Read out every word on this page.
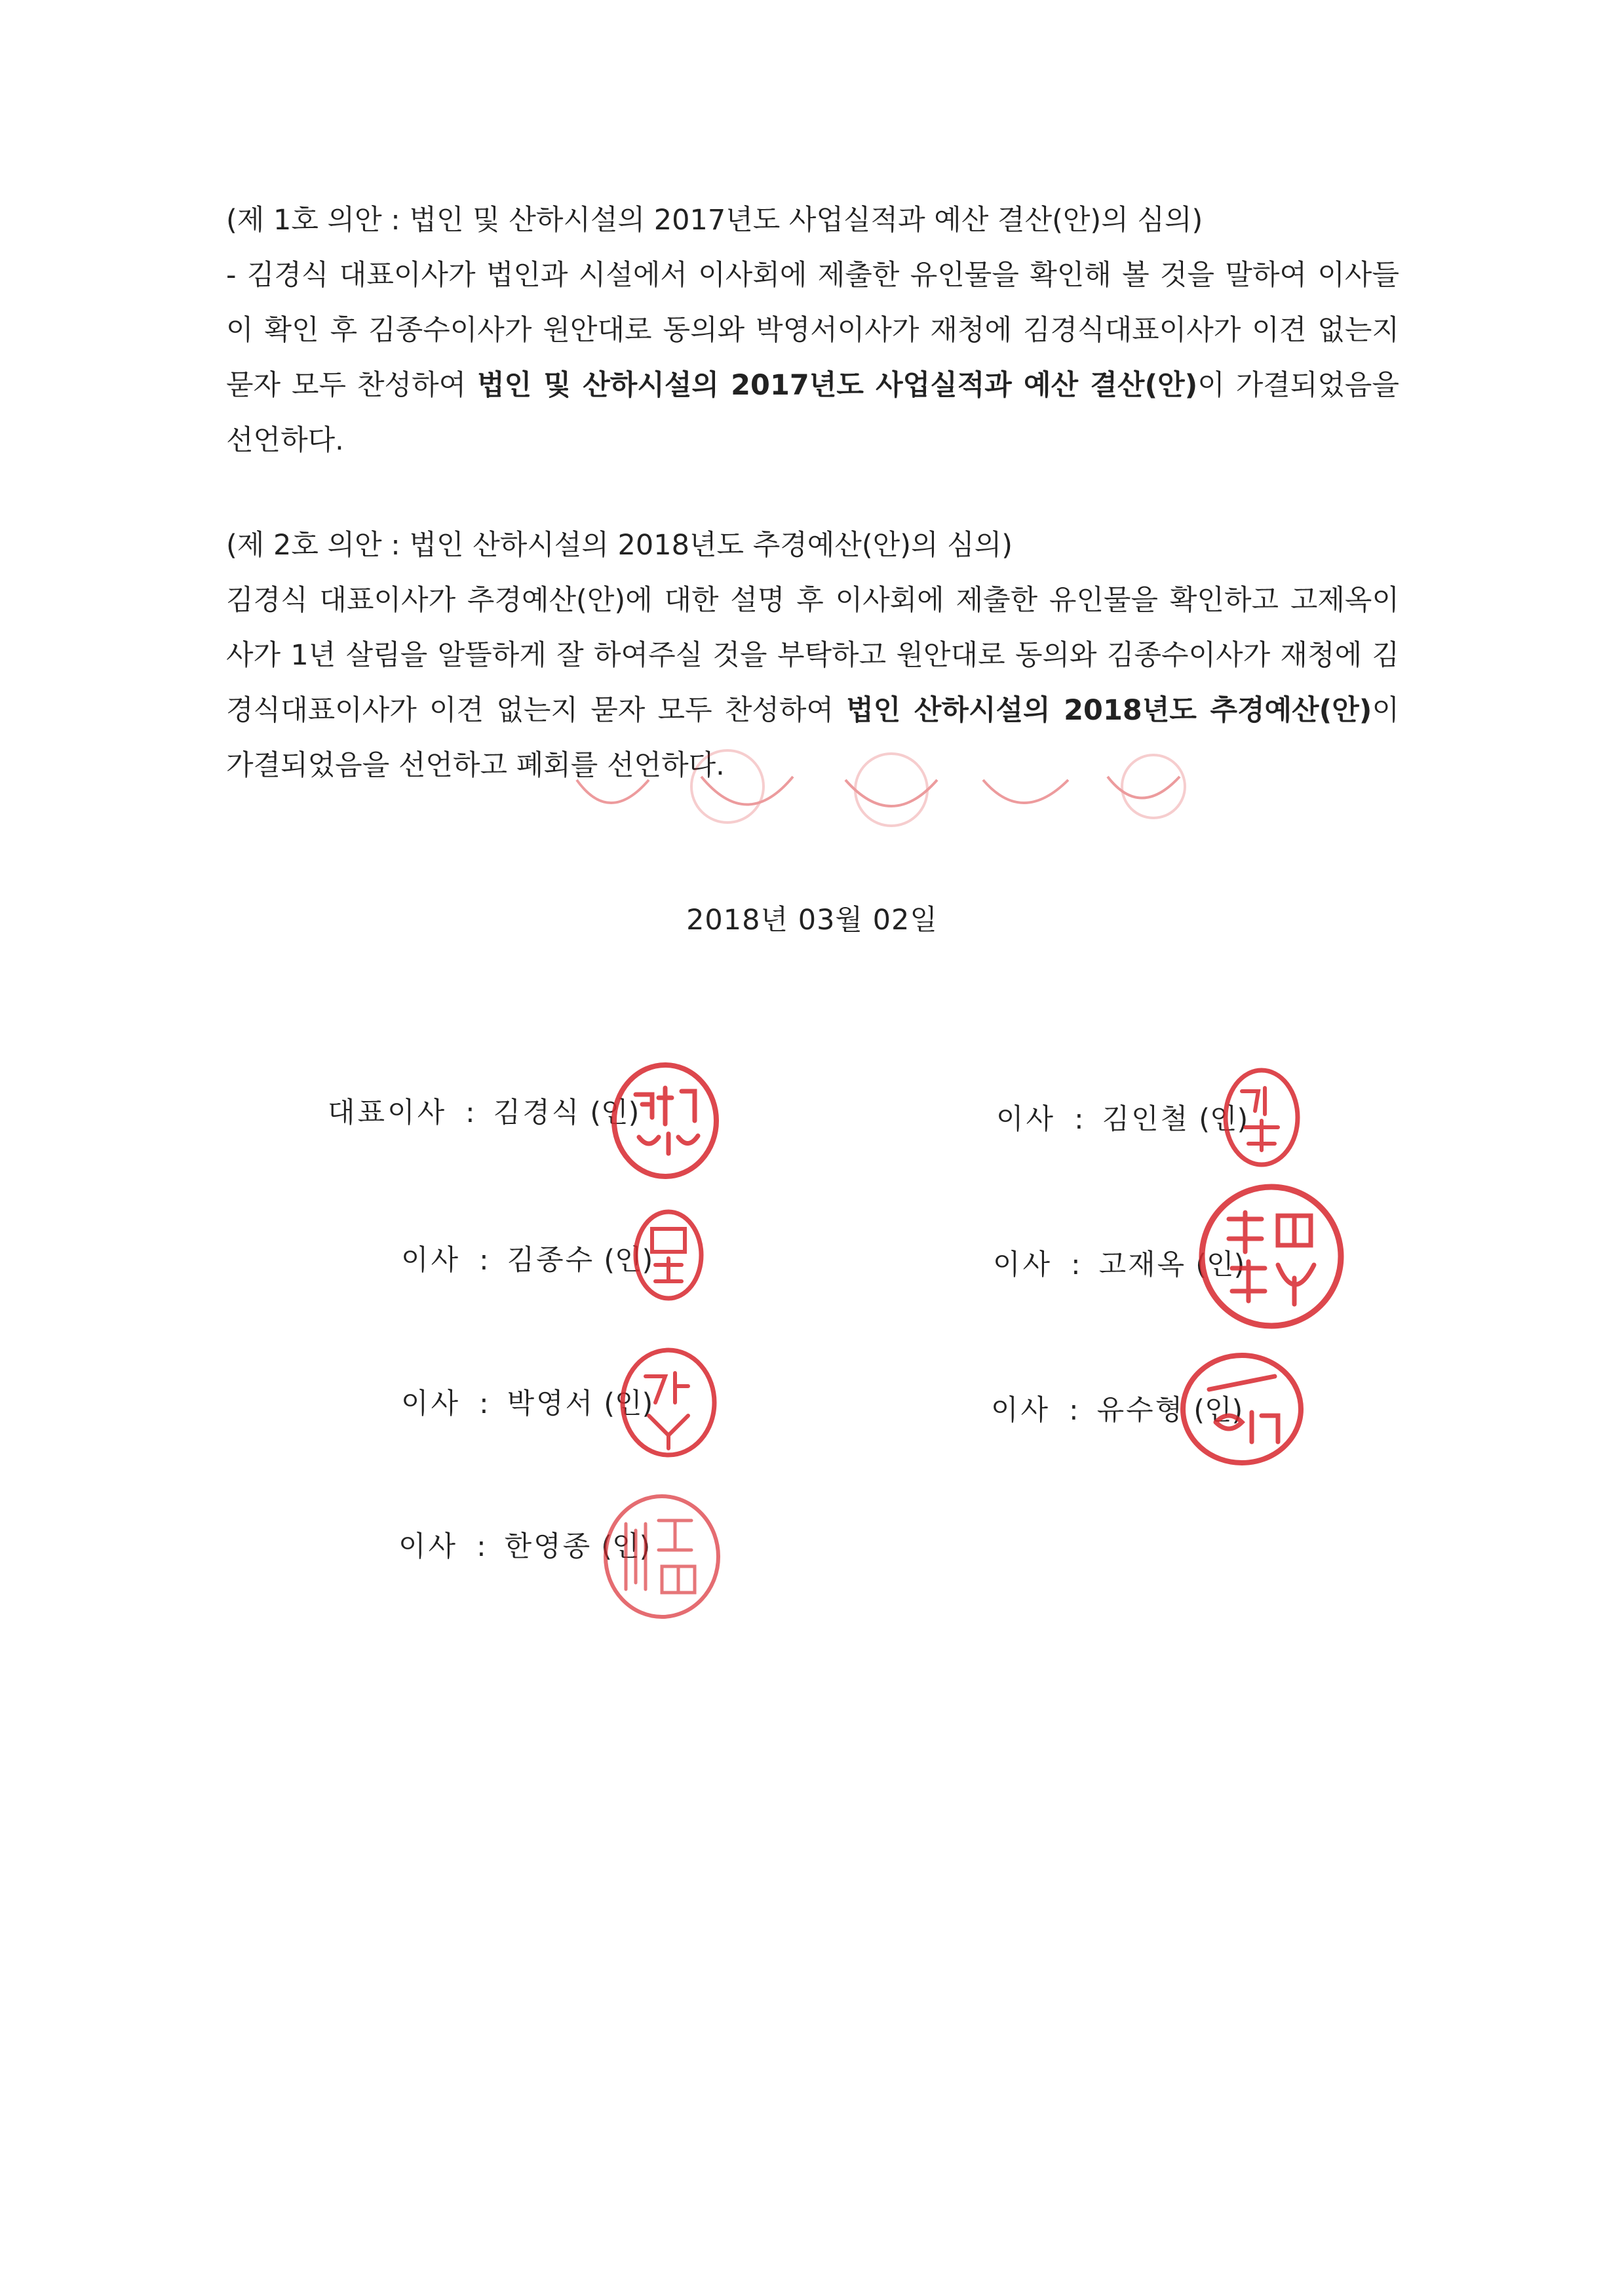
(제 1호 의안 : 법인 및 산하시설의 2017년도 사업실적과 예산 결산(안)의 심의)

- 김경식 대표이사가 법인과 시설에서 이사회에 제출한 유인물을 확인해 볼 것을 말하여 이사들이 확인 후 김종수이사가 원안대로 동의와 박영서이사가 재청에 김경식대표이사가 이견 없는지 묻자 모두 찬성하여 법인 및 산하시설의 2017년도 사업실적과 예산 결산(안)이 가결되었음을 선언하다.

(제 2호 의안 : 법인 산하시설의 2018년도 추경예산(안)의 심의)

김경식 대표이사가 추경예산(안)에 대한 설명 후 이사회에 제출한 유인물을 확인하고 고제옥이사가 1년 살림을 알뜰하게 잘 하여주실 것을 부탁하고 원안대로 동의와 김종수이사가 재청에 김경식대표이사가 이견 없는지 묻자 모두 찬성하여 법인 산하시설의 2018년도 추경예산(안)이 가결되었음을 선언하고 폐회를 선언하다.

2018년 03월 02일
대표이사 : 김경식 (인)	이사 : 김인철 (인)
이사 : 김종수 (인)	이사 : 고재옥 (인)
이사 : 박영서 (인)	이사 : 유수형 (인)
이사 : 한영종 (인)
